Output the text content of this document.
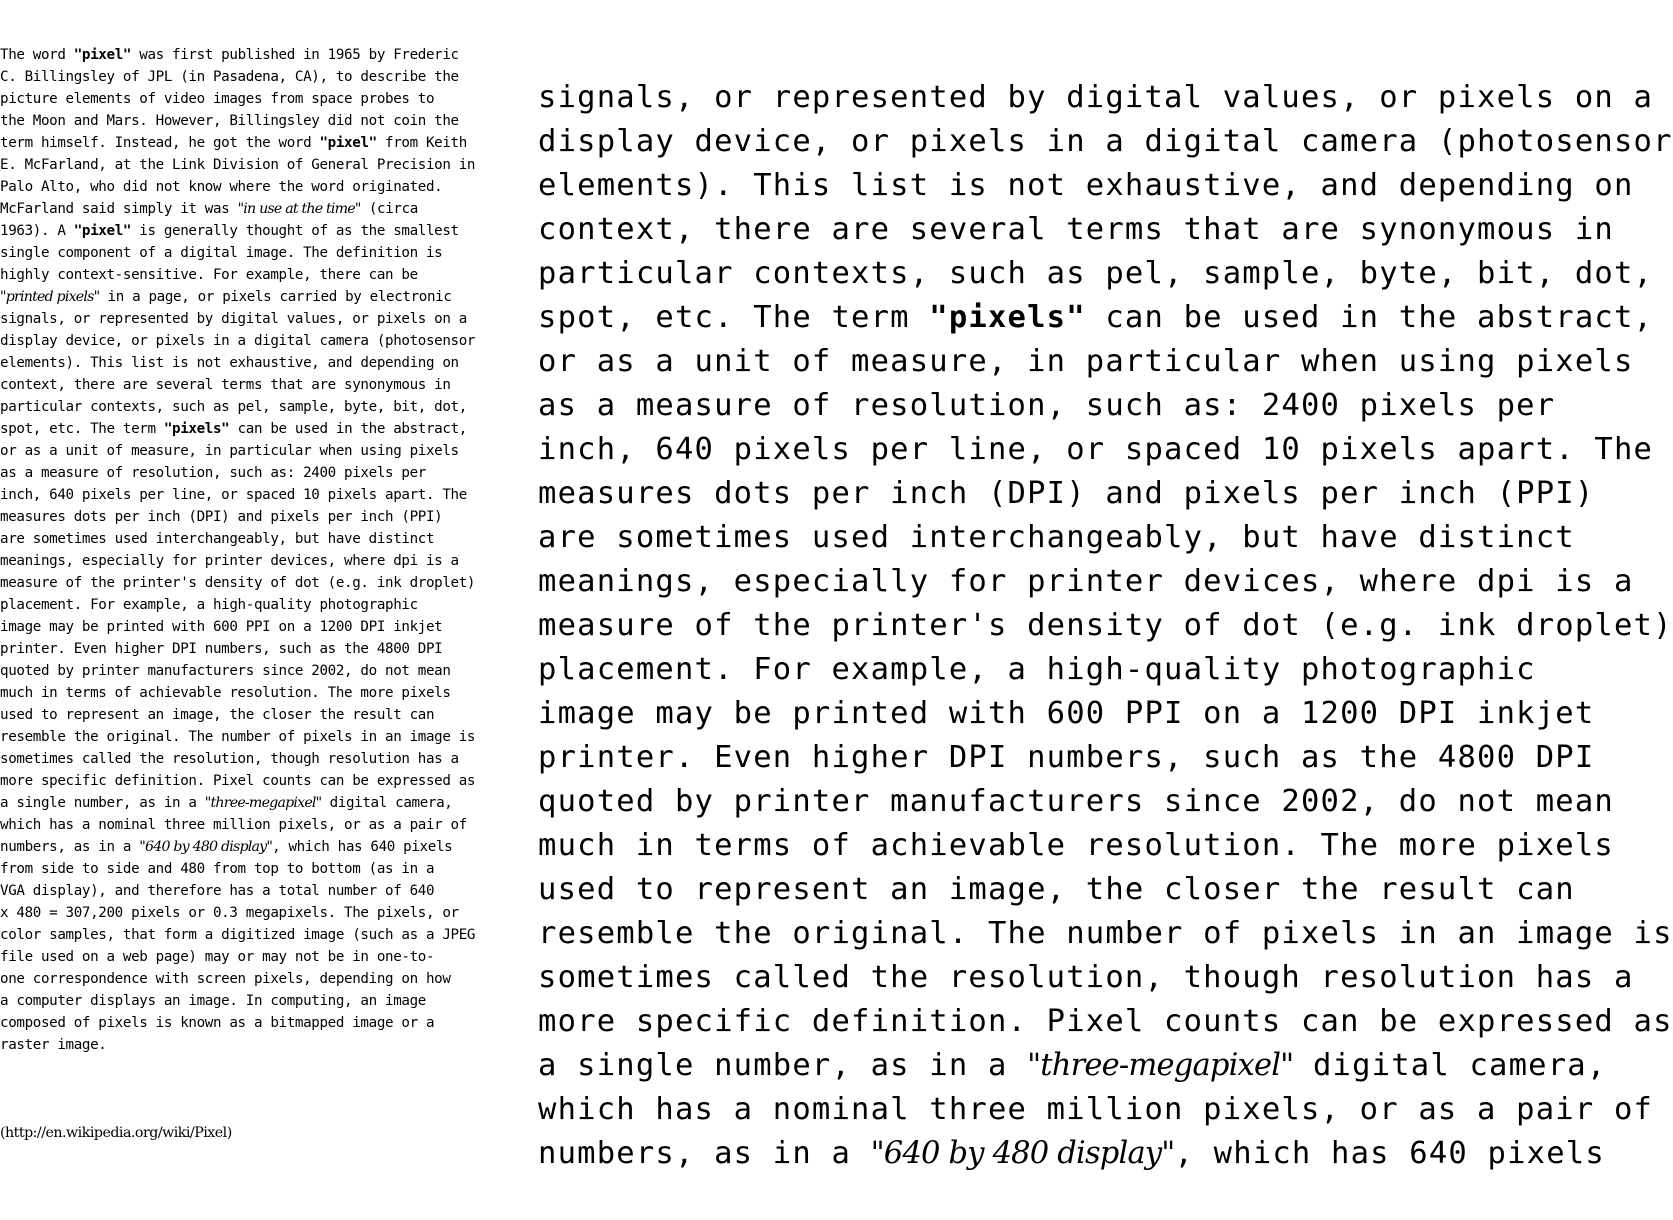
The word "pixel" was first published in 1965 by Frederic
C. Billingsley of JPL (in Pasadena, CA), to describe the
picture elements of video images from space probes to
the Moon and Mars. However, Billingsley did not coin the
term himself. Instead, he got the word "pixel" from Keith
E. McFarland, at the Link Division of General Precision in
Palo Alto, who did not know where the word originated.
McFarland said simply it was "in use at the time" (circa
1963). A "pixel" is generally thought of as the smallest
single component of a digital image. The definition is
highly context-sensitive. For example, there can be
"printed pixels" in a page, or pixels carried by electronic
signals, or represented by digital values, or pixels on a
display device, or pixels in a digital camera (photosensor
elements). This list is not exhaustive, and depending on
context, there are several terms that are synonymous in
particular contexts, such as pel, sample, byte, bit, dot,
spot, etc. The term "pixels" can be used in the abstract,
or as a unit of measure, in particular when using pixels
as a measure of resolution, such as: 2400 pixels per
inch, 640 pixels per line, or spaced 10 pixels apart. The
measures dots per inch (DPI) and pixels per inch (PPI)
are sometimes used interchangeably, but have distinct
meanings, especially for printer devices, where dpi is a
measure of the printer's density of dot (e.g. ink droplet)
placement. For example, a high-quality photographic
image may be printed with 600 PPI on a 1200 DPI inkjet
printer. Even higher DPI numbers, such as the 4800 DPI
quoted by printer manufacturers since 2002, do not mean
much in terms of achievable resolution. The more pixels
used to represent an image, the closer the result can
resemble the original. The number of pixels in an image is
sometimes called the resolution, though resolution has a
more specific definition. Pixel counts can be expressed as
a single number, as in a "three-megapixel" digital camera,
which has a nominal three million pixels, or as a pair of
numbers, as in a "640 by 480 display", which has 640 pixels
from side to side and 480 from top to bottom (as in a
VGA display), and therefore has a total number of 640
x 480 = 307,200 pixels or 0.3 megapixels. The pixels, or
color samples, that form a digitized image (such as a JPEG
file used on a web page) may or may not be in one-to-
one correspondence with screen pixels, depending on how
a computer displays an image. In computing, an image
composed of pixels is known as a bitmapped image or a
raster image.

(http://en.wikipedia.org/wiki/Pixel)

signals, or represented by digital values, or pixels on a
display device, or pixels in a digital camera (photosensor
elements). This list is not exhaustive, and depending on
context, there are several terms that are synonymous in
particular contexts, such as pel, sample, byte, bit, dot,
spot, etc. The term "pixels" can be used in the abstract,
or as a unit of measure, in particular when using pixels
as a measure of resolution, such as: 2400 pixels per
inch, 640 pixels per line, or spaced 10 pixels apart. The
measures dots per inch (DPI) and pixels per inch (PPI)
are sometimes used interchangeably, but have distinct
meanings, especially for printer devices, where dpi is a
measure of the printer's density of dot (e.g. ink droplet)
placement. For example, a high-quality photographic
image may be printed with 600 PPI on a 1200 DPI inkjet
printer. Even higher DPI numbers, such as the 4800 DPI
quoted by printer manufacturers since 2002, do not mean
much in terms of achievable resolution. The more pixels
used to represent an image, the closer the result can
resemble the original. The number of pixels in an image is
sometimes called the resolution, though resolution has a
more specific definition. Pixel counts can be expressed as
a single number, as in a "three-megapixel" digital camera,
which has a nominal three million pixels, or as a pair of
numbers, as in a "640 by 480 display", which has 640 pixels
